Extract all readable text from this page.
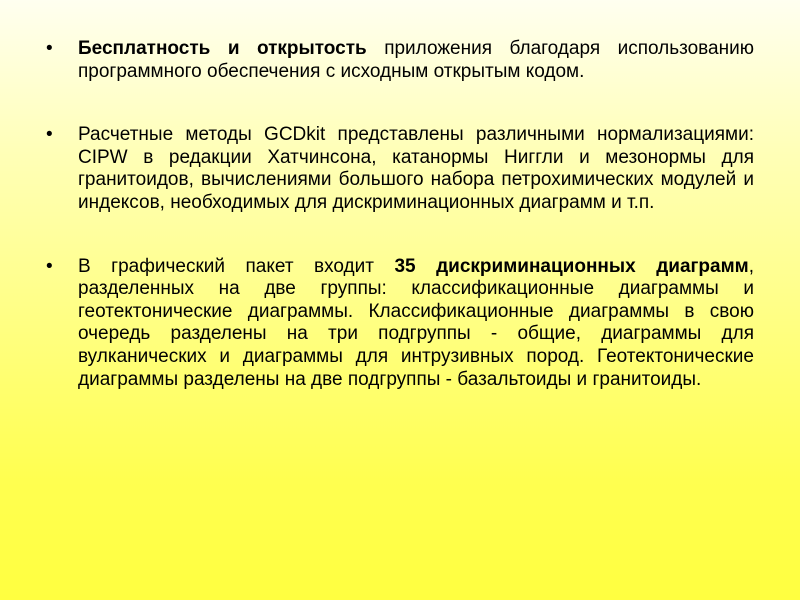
• Бесплатность и открытость приложения благодаря использованию программного обеспечения с исходным открытым кодом.
• Расчетные методы GCDkit представлены различными нормализациями: CIPW в редакции Хатчинсона, катанормы Ниггли и мезонормы для гранитоидов, вычислениями большого набора петрохимических модулей и индексов, необходимых для дискриминационных диаграмм и т.п.
• В графический пакет входит 35 дискриминационных диаграмм, разделенных на две группы: классификационные диаграммы и геотектонические диаграммы. Классификационные диаграммы в свою очередь разделены на три подгруппы - общие, диаграммы для вулканических и диаграммы для интрузивных пород. Геотектонические диаграммы разделены на две подгруппы - базальтоиды и гранитоиды.
